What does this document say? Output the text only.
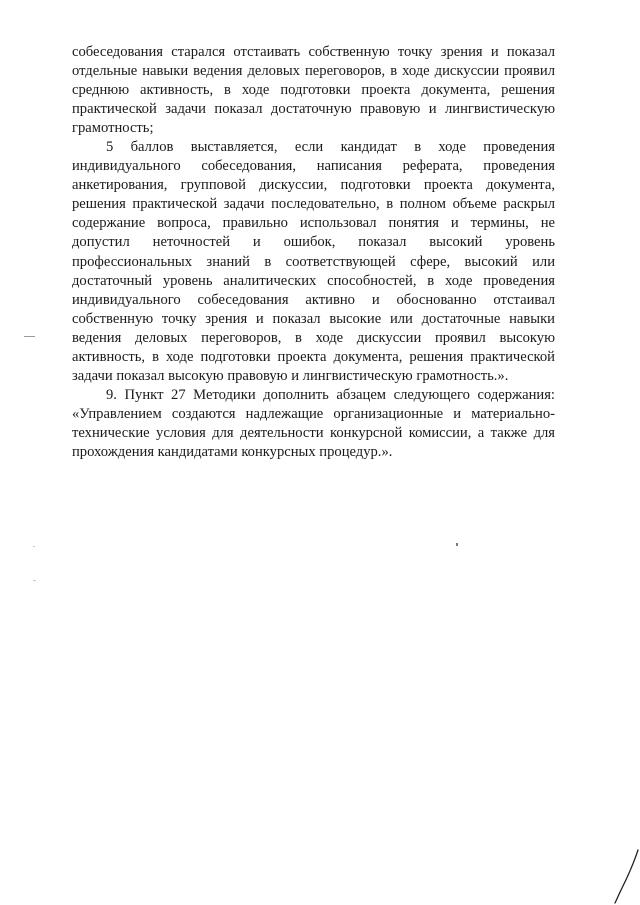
собеседования старался отстаивать собственную точку зрения и показал отдельные навыки ведения деловых переговоров, в ходе дискуссии проявил среднюю активность, в ходе подготовки проекта документа, решения практической задачи показал достаточную правовую и лингвистическую грамотность;

5 баллов выставляется, если кандидат в ходе проведения индивидуального собеседования, написания реферата, проведения анкетирования, групповой дискуссии, подготовки проекта документа, решения практической задачи последовательно, в полном объеме раскрыл содержание вопроса, правильно использовал понятия и термины, не допустил неточностей и ошибок, показал высокий уровень профессиональных знаний в соответствующей сфере, высокий или достаточный уровень аналитических способностей, в ходе проведения индивидуального собеседования активно и обоснованно отстаивал собственную точку зрения и показал высокие или достаточные навыки ведения деловых переговоров, в ходе дискуссии проявил высокую активность, в ходе подготовки проекта документа, решения практической задачи показал высокую правовую и лингвистическую грамотность.».

9. Пункт 27 Методики дополнить абзацем следующего содержания: «Управлением создаются надлежащие организационные и материально-технические условия для деятельности конкурсной комиссии, а также для прохождения кандидатами конкурсных процедур.».
